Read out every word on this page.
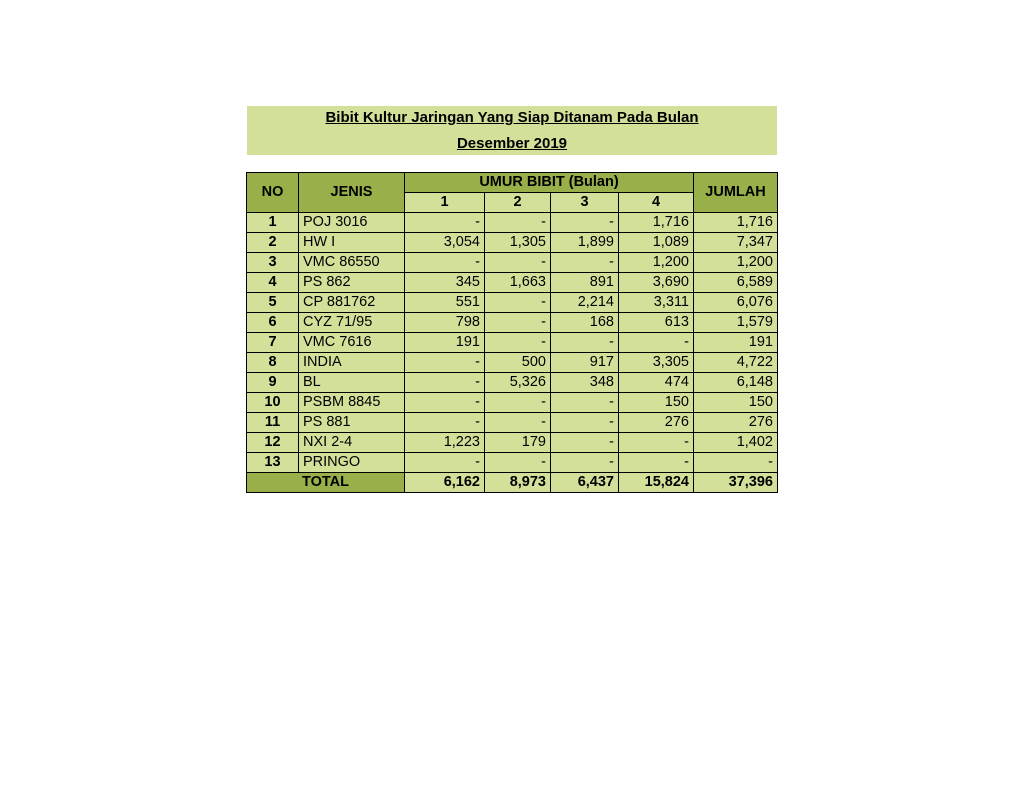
Bibit Kultur Jaringan Yang Siap Ditanam Pada Bulan
Desember 2019
NO	JENIS	UMUR BIBIT (Bulan)				JUMLAH
		1	2	3	4	
1	POJ 3016	-	-	-	1,716	1,716
2	HW I	3,054	1,305	1,899	1,089	7,347
3	VMC 86550	-	-	-	1,200	1,200
4	PS 862	345	1,663	891	3,690	6,589
5	CP 881762	551	-	2,214	3,311	6,076
6	CYZ 71/95	798	-	168	613	1,579
7	VMC 7616	191	-	-	-	191
8	INDIA	-	500	917	3,305	4,722
9	BL	-	5,326	348	474	6,148
10	PSBM 8845	-	-	-	150	150
11	PS 881	-	-	-	276	276
12	NXI 2-4	1,223	179	-	-	1,402
13	PRINGO	-	-	-	-	-
TOTAL		6,162	8,973	6,437	15,824	37,396
